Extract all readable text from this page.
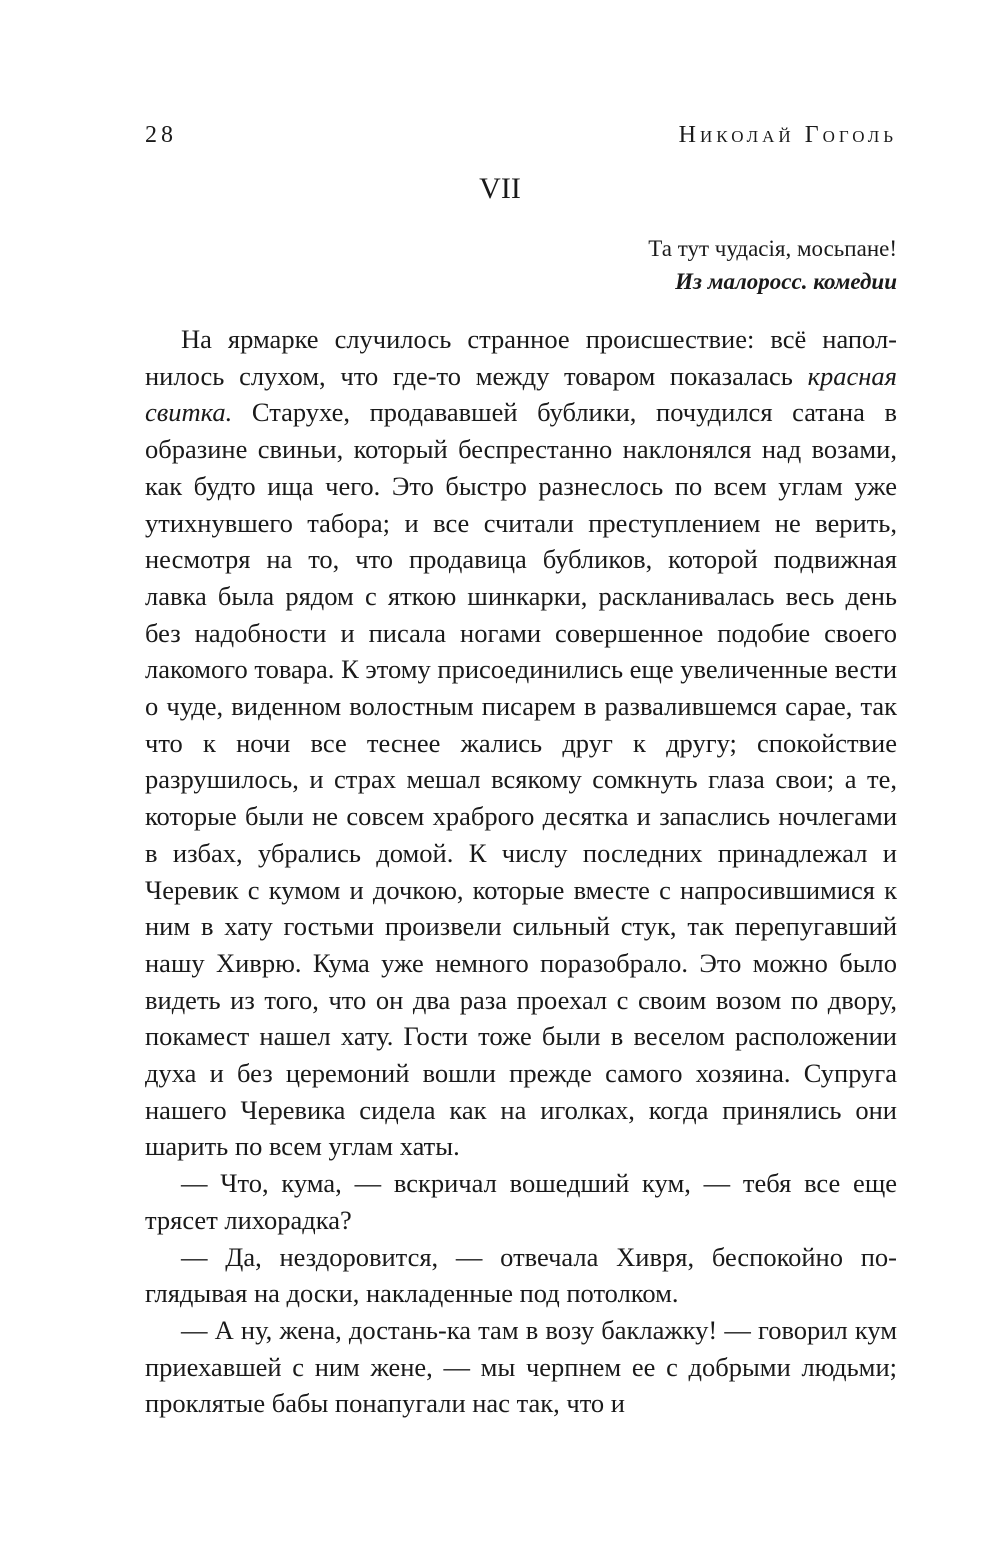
28	Николай Гоголь
VII
Та тут чудасія, мосьпане!
Из малоросс. комедии

На ярмарке случилось странное происшествие: всё наполнилось слухом, что где-то между товаром показалась красная свитка. Старухе, продававшей бублики, почудился сатана в образине свиньи, который беспрестанно наклонялся над возами, как будто ища чего. Это быстро разнеслось по всем углам уже утихнувшего табора; и все считали преступлением не верить, несмотря на то, что продавица бубликов, которой подвижная лавка была рядом с яткою шинкарки, раскланивалась весь день без надобности и писала ногами совершенное подобие своего лакомого товара. К этому присоединились еще увеличенные вести о чуде, виденном волостным писарем в развалившемся сарае, так что к ночи все теснее жались друг к другу; спокойствие разрушилось, и страх мешал всякому сомкнуть глаза свои; а те, которые были не совсем храброго десятка и запаслись ночлегами в избах, убрались домой. К числу последних принадлежал и Черевик с кумом и дочкою, которые вместе с напросившимися к ним в хату гостьми произвели сильный стук, так перепугавший нашу Хиврю. Кума уже немного поразобрало. Это можно было видеть из того, что он два раза проехал с своим возом по двору, покамест нашел хату. Гости тоже были в веселом расположении духа и без церемоний вошли прежде самого хозяина. Супруга нашего Черевика сидела как на иголках, когда принялись они шарить по всем углам хаты.

— Что, кума, — вскричал вошедший кум, — тебя все еще трясет лихорадка?

— Да, нездоровится, — отвечала Хивря, беспокойно поглядывая на доски, накладенные под потолком.

— А ну, жена, достань-ка там в возу баклажку! — говорил кум приехавшей с ним жене, — мы черпнем ее с добрыми людьми; проклятые бабы понапугали нас так, что и
